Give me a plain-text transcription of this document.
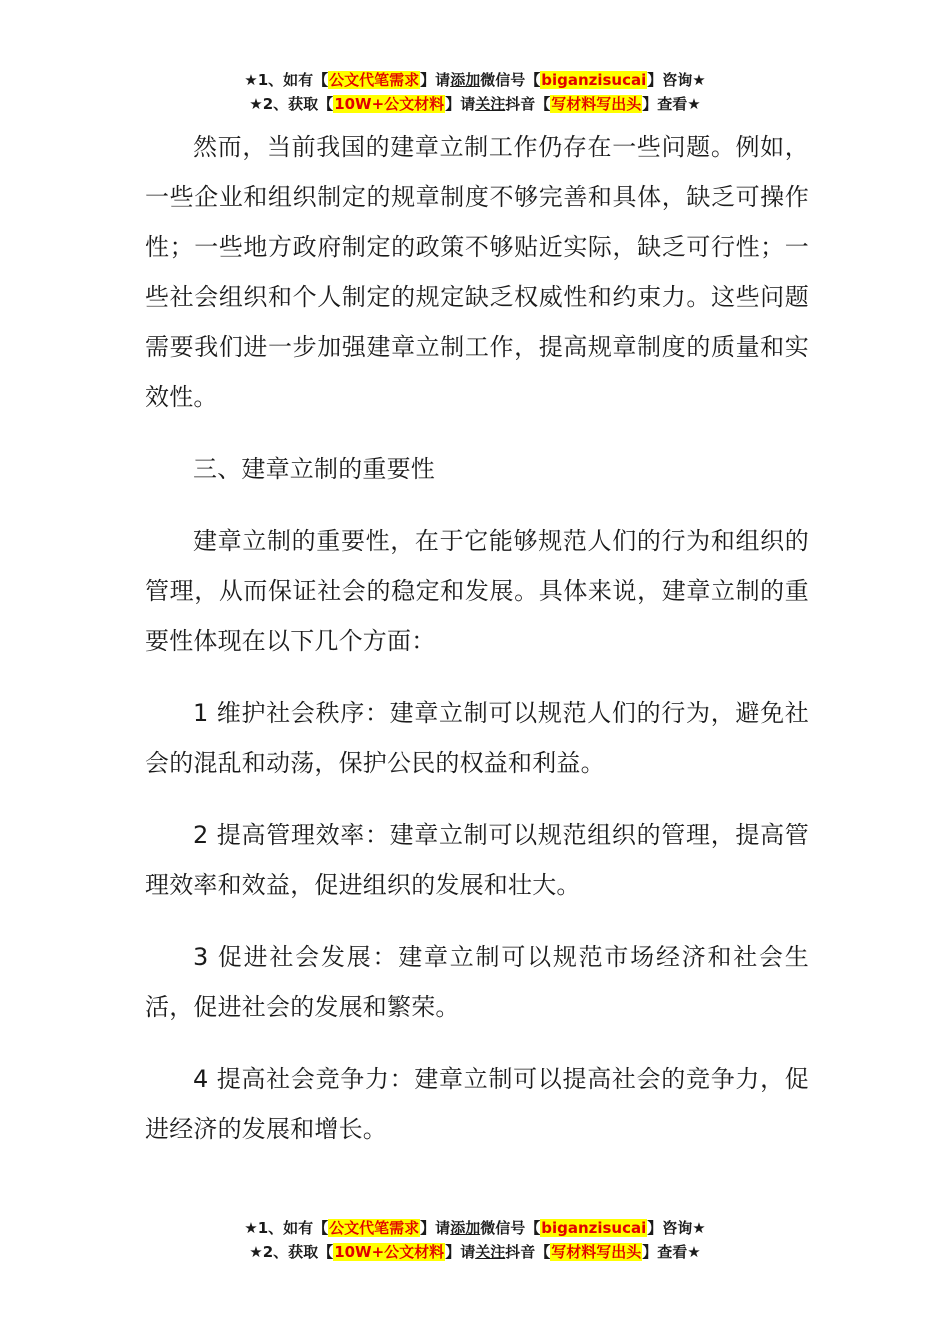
★1、如有【公文代笔需求】请添加微信号【biganzisucai】咨询★
★2、获取【10W+公文材料】请关注抖音【写材料写出头】查看★

然而，当前我国的建章立制工作仍存在一些问题。例如，一些企业和组织制定的规章制度不够完善和具体，缺乏可操作性；一些地方政府制定的政策不够贴近实际，缺乏可行性；一些社会组织和个人制定的规定缺乏权威性和约束力。这些问题需要我们进一步加强建章立制工作，提高规章制度的质量和实效性。

三、建章立制的重要性

建章立制的重要性，在于它能够规范人们的行为和组织的管理，从而保证社会的稳定和发展。具体来说，建章立制的重要性体现在以下几个方面：

1 维护社会秩序：建章立制可以规范人们的行为，避免社会的混乱和动荡，保护公民的权益和利益。

2 提高管理效率：建章立制可以规范组织的管理，提高管理效率和效益，促进组织的发展和壮大。

3 促进社会发展：建章立制可以规范市场经济和社会生活，促进社会的发展和繁荣。

4 提高社会竞争力：建章立制可以提高社会的竞争力，促进经济的发展和增长。

★1、如有【公文代笔需求】请添加微信号【biganzisucai】咨询★
★2、获取【10W+公文材料】请关注抖音【写材料写出头】查看★
